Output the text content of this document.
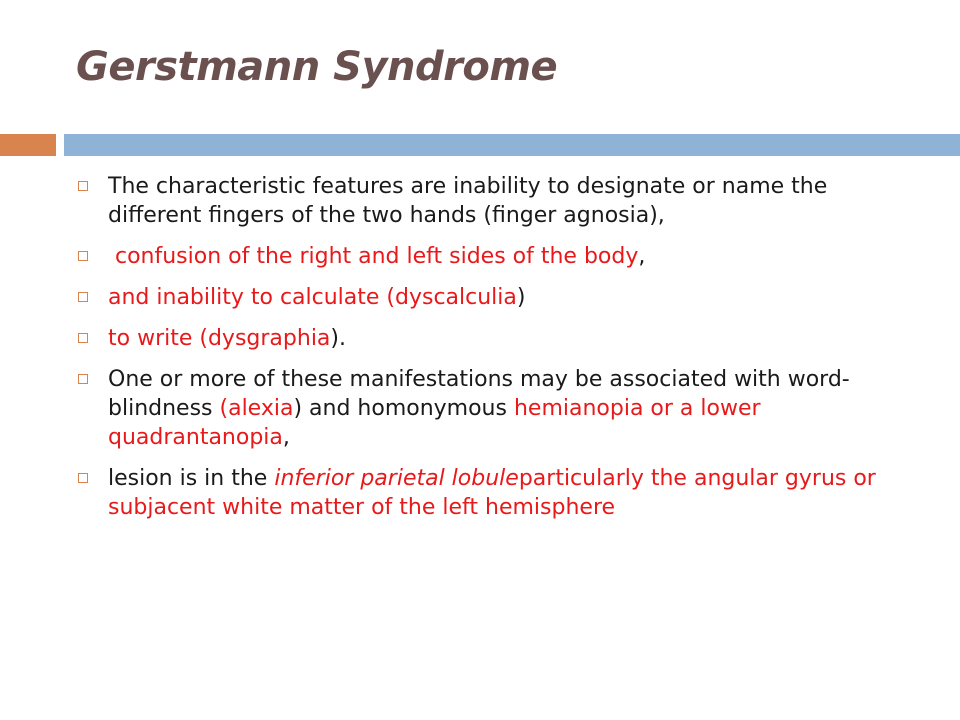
Gerstmann Syndrome
The characteristic features are inability to designate or name the different fingers of the two hands (finger agnosia),
confusion of the right and left sides of the body,
and inability to calculate (dyscalculia)
to write (dysgraphia).
One or more of these manifestations may be associated with word-blindness (alexia) and homonymous hemianopia or a lower quadrantanopia,
lesion is in the inferior parietal lobuleparticularly the angular gyrus or subjacent white matter of the left hemisphere
